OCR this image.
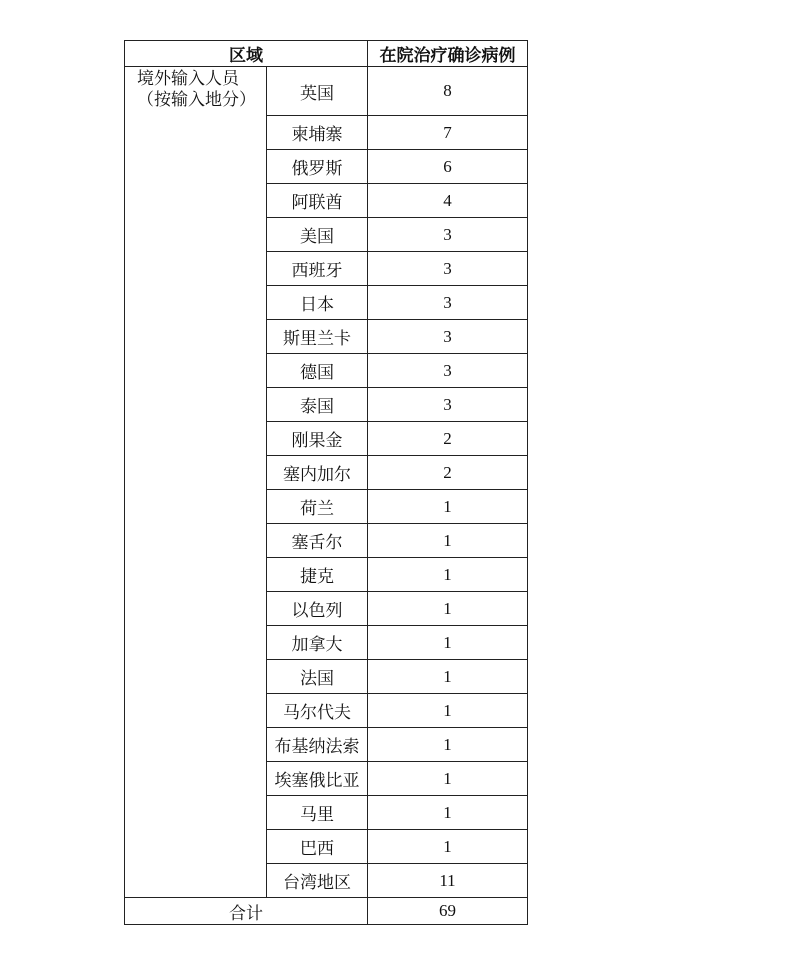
区域		在院治疗确诊病例

境外输入人员
（按输入地分）	英国	8
	柬埔寨	7
	俄罗斯	6
	阿联酋	4
	美国	3
	西班牙	3
	日本	3
	斯里兰卡	3
	德国	3
	泰国	3
	刚果金	2
	塞内加尔	2
	荷兰	1
	塞舌尔	1
	捷克	1
	以色列	1
	加拿大	1
	法国	1
	马尔代夫	1
	布基纳法索	1
	埃塞俄比亚	1
	马里	1
	巴西	1
	台湾地区	11
合计		69
